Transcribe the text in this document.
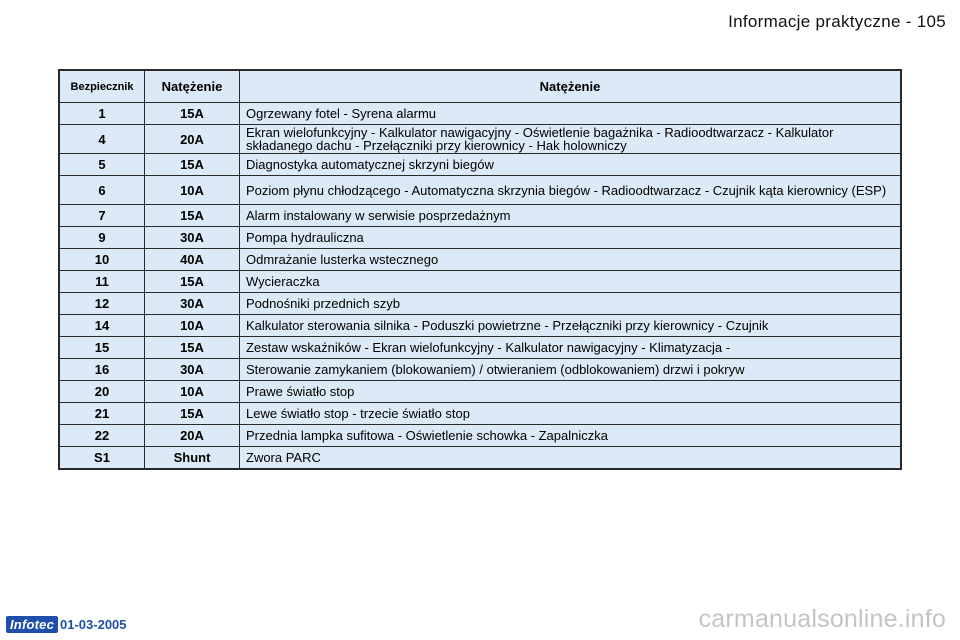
Informacje praktyczne - 105
Bezpiecznik	Natężenie	Natężenie
1	15A	Ogrzewany fotel - Syrena alarmu
4	20A	Ekran wielofunkcyjny - Kalkulator nawigacyjny - Oświetlenie bagażnika - Radioodtwarzacz - Kalkulator składanego dachu - Przełączniki przy kierownicy - Hak holowniczy
5	15A	Diagnostyka automatycznej skrzyni biegów
6	10A	Poziom płynu chłodzącego - Automatyczna skrzynia biegów - Radioodtwarzacz - Czujnik kąta kierownicy (ESP)
7	15A	Alarm instalowany w serwisie posprzedażnym
9	30A	Pompa hydrauliczna
10	40A	Odmrażanie lusterka wstecznego
11	15A	Wycieraczka
12	30A	Podnośniki przednich szyb
14	10A	Kalkulator sterowania silnika - Poduszki powietrzne - Przełączniki przy kierownicy - Czujnik
15	15A	Zestaw wskaźników - Ekran wielofunkcyjny - Kalkulator nawigacyjny - Klimatyzacja -
16	30A	Sterowanie zamykaniem (blokowaniem) / otwieraniem (odblokowaniem) drzwi i pokryw
20	10A	Prawe światło stop
21	15A	Lewe światło stop - trzecie światło stop
22	20A	Przednia lampka sufitowa - Oświetlenie schowka - Zapalniczka
S1	Shunt	Zwora PARC
Infotec 01-03-2005	carmanualsonline.info
